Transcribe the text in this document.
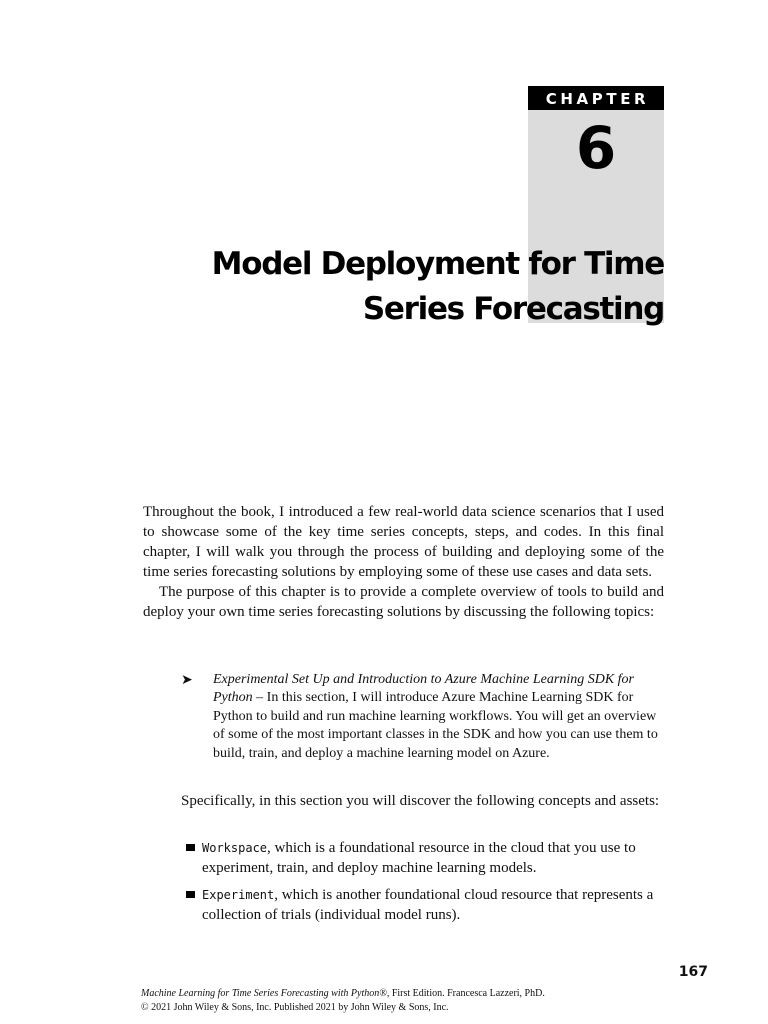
CHAPTER
6
Model Deployment for Time
Series Forecasting

Throughout the book, I introduced a few real-world data science scenarios that I used to showcase some of the key time series concepts, steps, and codes. In this final chapter, I will walk you through the process of building and deploying some of the time series forecasting solutions by employing some of these use cases and data sets.

The purpose of this chapter is to provide a complete overview of tools to build and deploy your own time series forecasting solutions by discussing the following topics:

➤ Experimental Set Up and Introduction to Azure Machine Learning SDK for Python – In this section, I will introduce Azure Machine Learning SDK for Python to build and run machine learning workflows. You will get an overview of some of the most important classes in the SDK and how you can use them to build, train, and deploy a machine learning model on Azure.

Specifically, in this section you will discover the following concepts and assets:

Workspace, which is a foundational resource in the cloud that you use to experiment, train, and deploy machine learning models.
Experiment, which is another foundational cloud resource that represents a collection of trials (individual model runs).
167
Machine Learning for Time Series Forecasting with Python®, First Edition. Francesca Lazzeri, PhD.
© 2021 John Wiley & Sons, Inc. Published 2021 by John Wiley & Sons, Inc.
